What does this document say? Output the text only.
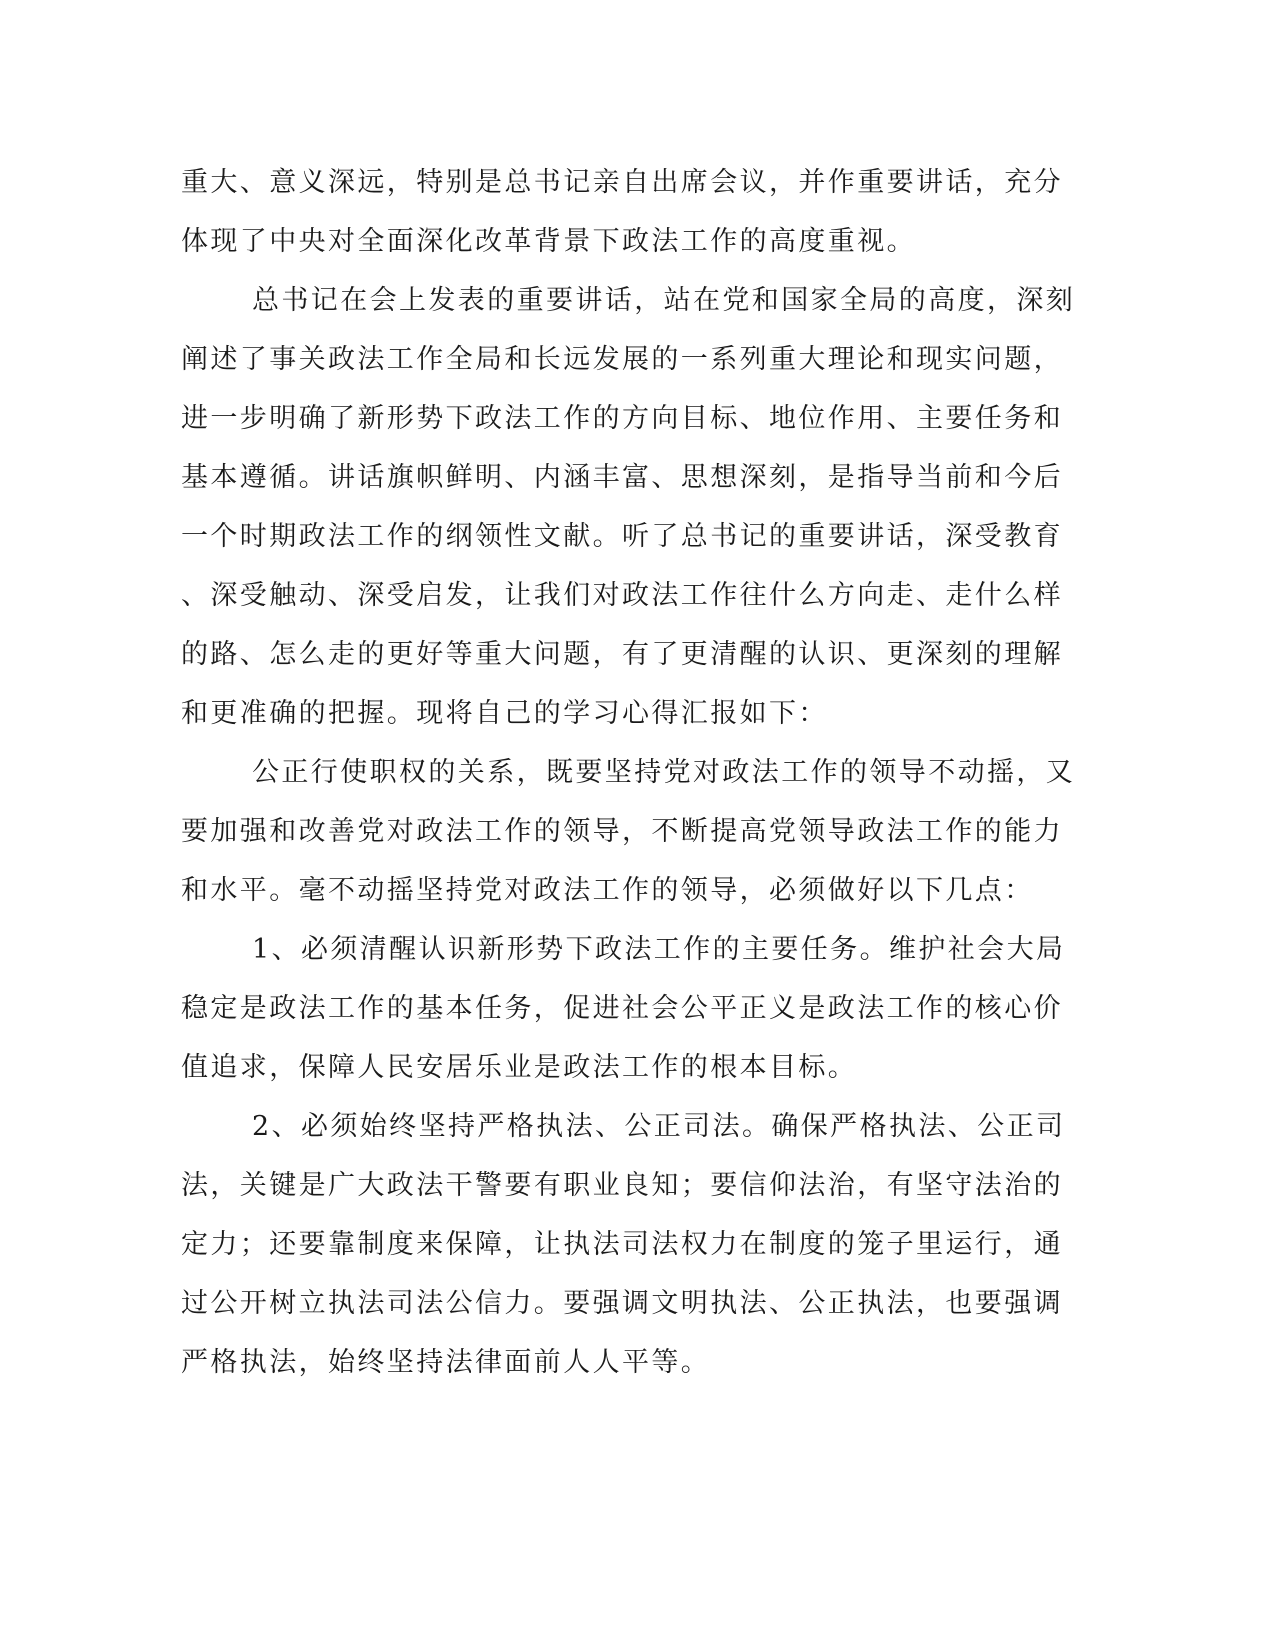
重大、意义深远，特别是总书记亲自出席会议，并作重要讲话，充分
体现了中央对全面深化改革背景下政法工作的高度重视。

总书记在会上发表的重要讲话，站在党和国家全局的高度，深刻
阐述了事关政法工作全局和长远发展的一系列重大理论和现实问题，
进一步明确了新形势下政法工作的方向目标、地位作用、主要任务和
基本遵循。讲话旗帜鲜明、内涵丰富、思想深刻，是指导当前和今后
一个时期政法工作的纲领性文献。听了总书记的重要讲话，深受教育
、深受触动、深受启发，让我们对政法工作往什么方向走、走什么样
的路、怎么走的更好等重大问题，有了更清醒的认识、更深刻的理解
和更准确的把握。现将自己的学习心得汇报如下：

公正行使职权的关系，既要坚持党对政法工作的领导不动摇，又
要加强和改善党对政法工作的领导，不断提高党领导政法工作的能力
和水平。毫不动摇坚持党对政法工作的领导，必须做好以下几点：

1、必须清醒认识新形势下政法工作的主要任务。维护社会大局
稳定是政法工作的基本任务，促进社会公平正义是政法工作的核心价
值追求，保障人民安居乐业是政法工作的根本目标。

2、必须始终坚持严格执法、公正司法。确保严格执法、公正司
法，关键是广大政法干警要有职业良知；要信仰法治，有坚守法治的
定力；还要靠制度来保障，让执法司法权力在制度的笼子里运行，通
过公开树立执法司法公信力。要强调文明执法、公正执法，也要强调
严格执法，始终坚持法律面前人人平等。
